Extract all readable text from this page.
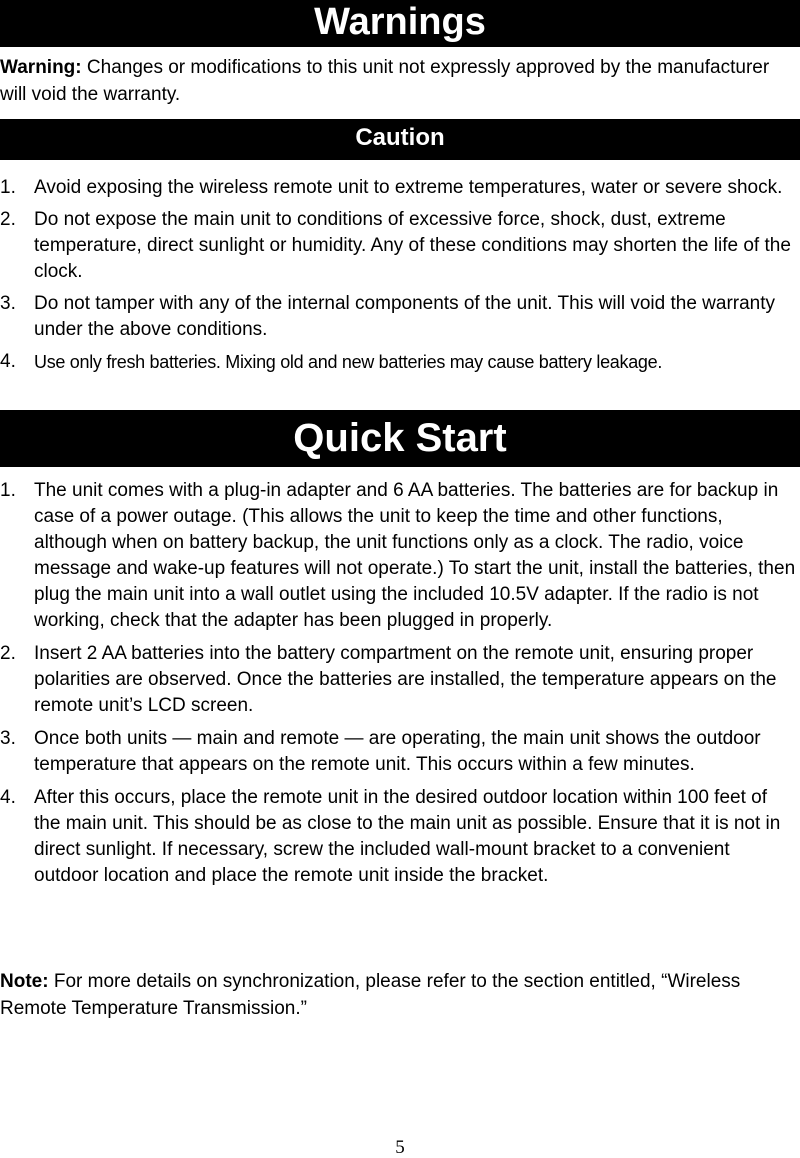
Warnings

Warning: Changes or modifications to this unit not expressly approved by the manufacturer will void the warranty.

Caution
1. Avoid exposing the wireless remote unit to extreme temperatures, water or severe shock.
2. Do not expose the main unit to conditions of excessive force, shock, dust, extreme temperature, direct sunlight or humidity. Any of these conditions may shorten the life of the clock.
3. Do not tamper with any of the internal components of the unit. This will void the warranty under the above conditions.
4. Use only fresh batteries. Mixing old and new batteries may cause battery leakage.
Quick Start
1. The unit comes with a plug-in adapter and 6 AA batteries. The batteries are for backup in case of a power outage. (This allows the unit to keep the time and other functions, although when on battery backup, the unit functions only as a clock. The radio, voice message and wake-up features will not operate.) To start the unit, install the batteries, then plug the main unit into a wall outlet using the included 10.5V adapter. If the radio is not working, check that the adapter has been plugged in properly.
2. Insert 2 AA batteries into the battery compartment on the remote unit, ensuring proper polarities are observed. Once the batteries are installed, the temperature appears on the remote unit’s LCD screen.
3. Once both units — main and remote — are operating, the main unit shows the outdoor temperature that appears on the remote unit. This occurs within a few minutes.
4. After this occurs, place the remote unit in the desired outdoor location within 100 feet of the main unit. This should be as close to the main unit as possible. Ensure that it is not in direct sunlight. If necessary, screw the included wall-mount bracket to a convenient outdoor location and place the remote unit inside the bracket.

Note: For more details on synchronization, please refer to the section entitled, “Wireless Remote Temperature Transmission.”

5
